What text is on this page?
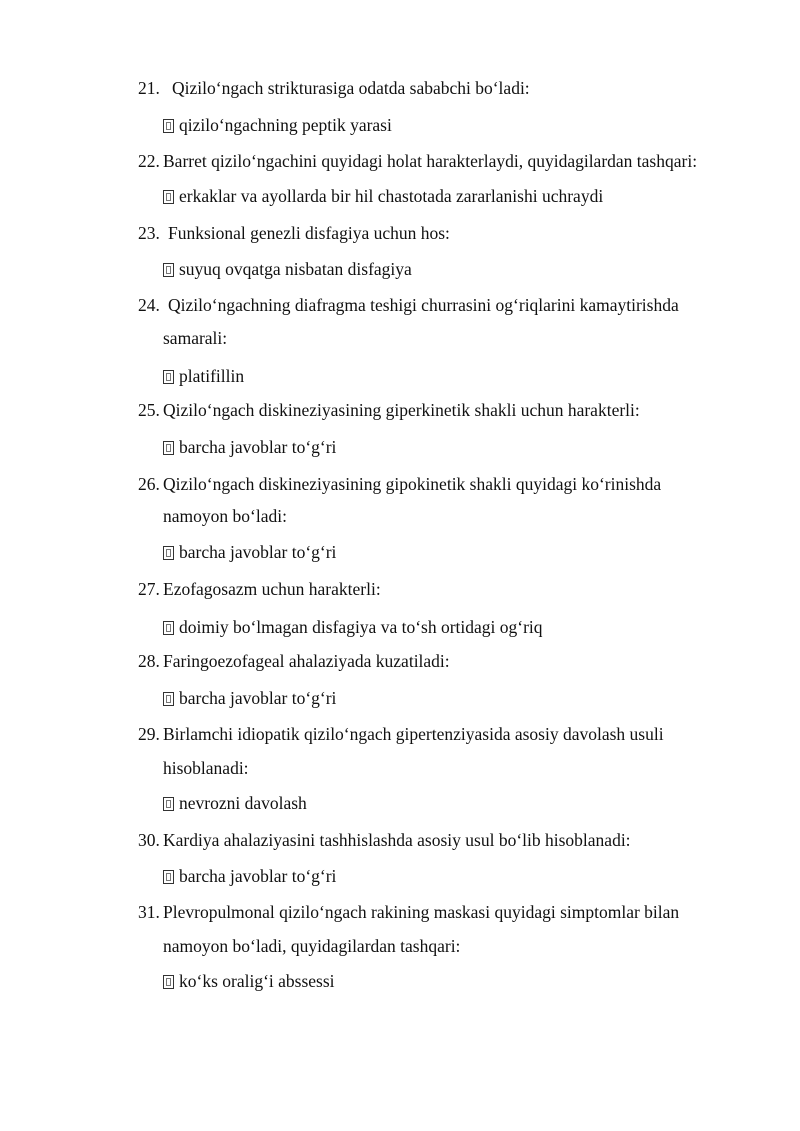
21. Qizilo‘ngach strikturasiga odatda sababchi bo‘ladi:
qizilo‘ngachning peptik yarasi
22. Barret qizilo‘ngachini quyidagi holat harakterlaydi, quyidagilardan tashqari:
erkaklar va ayollarda bir hil chastotada zararlanishi uchraydi
23. Funksional genezli disfagiya uchun hos:
suyuq ovqatga nisbatan disfagiya
24. Qizilo‘ngachning diafragma teshigi churrasini og‘riqlarini kamaytirishda
samarali:
platifillin
25. Qizilo‘ngach diskineziyasining giperkinetik shakli uchun harakterli:
barcha javoblar to‘g‘ri
26. Qizilo‘ngach diskineziyasining gipokinetik shakli quyidagi ko‘rinishda
namoyon bo‘ladi:
barcha javoblar to‘g‘ri
27. Ezofagosazm uchun harakterli:
doimiy bo‘lmagan disfagiya va to‘sh ortidagi og‘riq
28. Faringoezofageal ahalaziyada kuzatiladi:
barcha javoblar to‘g‘ri
29. Birlamchi idiopatik qizilo‘ngach gipertenziyasida asosiy davolash usuli
hisoblanadi:
nevrozni davolash
30. Kardiya ahalaziyasini tashhislashda asosiy usul bo‘lib hisoblanadi:
barcha javoblar to‘g‘ri
31. Plevropulmonal qizilo‘ngach rakining maskasi quyidagi simptomlar bilan
namoyon bo‘ladi, quyidagilardan tashqari:
ko‘ks oralig‘i abssessi
